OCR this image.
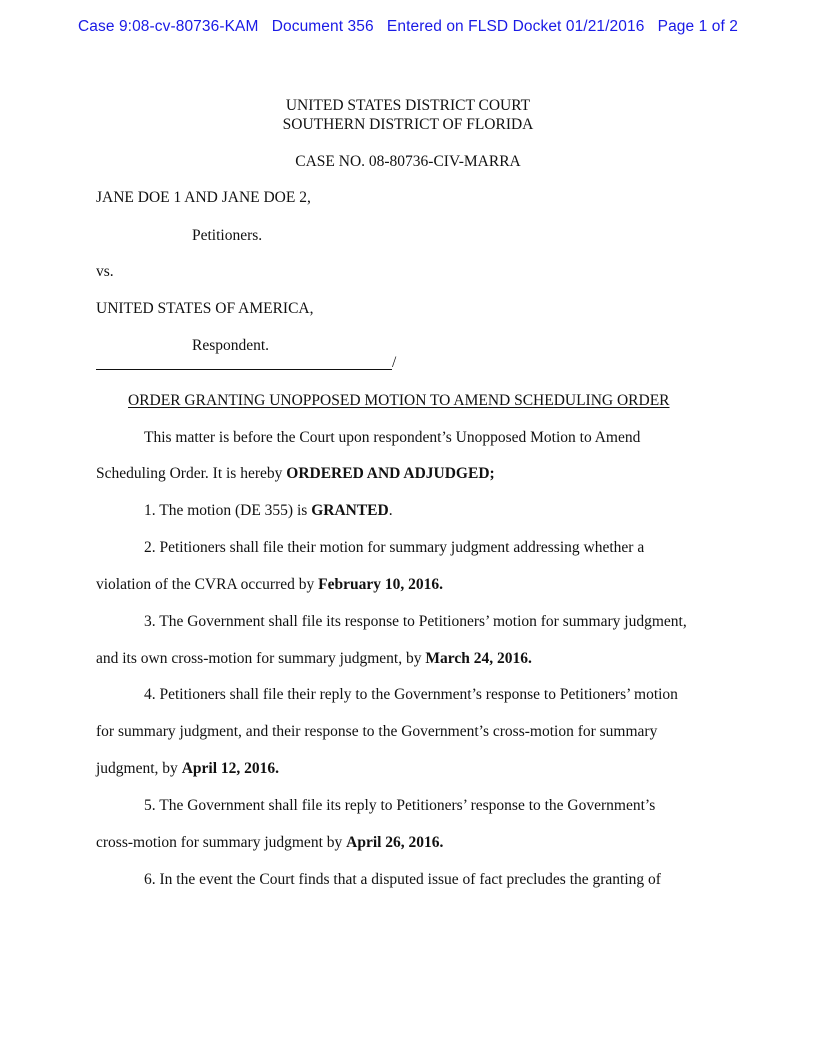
Case 9:08-cv-80736-KAM   Document 356   Entered on FLSD Docket 01/21/2016   Page 1 of 2
UNITED STATES DISTRICT COURT
SOUTHERN DISTRICT OF FLORIDA
CASE NO. 08-80736-CIV-MARRA
JANE DOE 1 AND JANE DOE 2,
Petitioners.
vs.
UNITED STATES OF AMERICA,
Respondent.
/
ORDER GRANTING UNOPPOSED MOTION TO AMEND SCHEDULING ORDER
This matter is before the Court upon respondent’s Unopposed Motion to Amend
Scheduling Order. It is hereby ORDERED AND ADJUDGED;
1. The motion (DE 355) is GRANTED.
2. Petitioners shall file their motion for summary judgment addressing whether a
violation of the CVRA occurred by February 10, 2016.
3. The Government shall file its response to Petitioners’ motion for summary judgment,
and its own cross-motion for summary judgment, by March 24, 2016.
4. Petitioners shall file their reply to the Government’s response to Petitioners’ motion
for summary judgment, and their response to the Government’s cross-motion for summary
judgment, by April 12, 2016.
5. The Government shall file its reply to Petitioners’ response to the Government’s
cross-motion for summary judgment by April 26, 2016.
6. In the event the Court finds that a disputed issue of fact precludes the granting of
